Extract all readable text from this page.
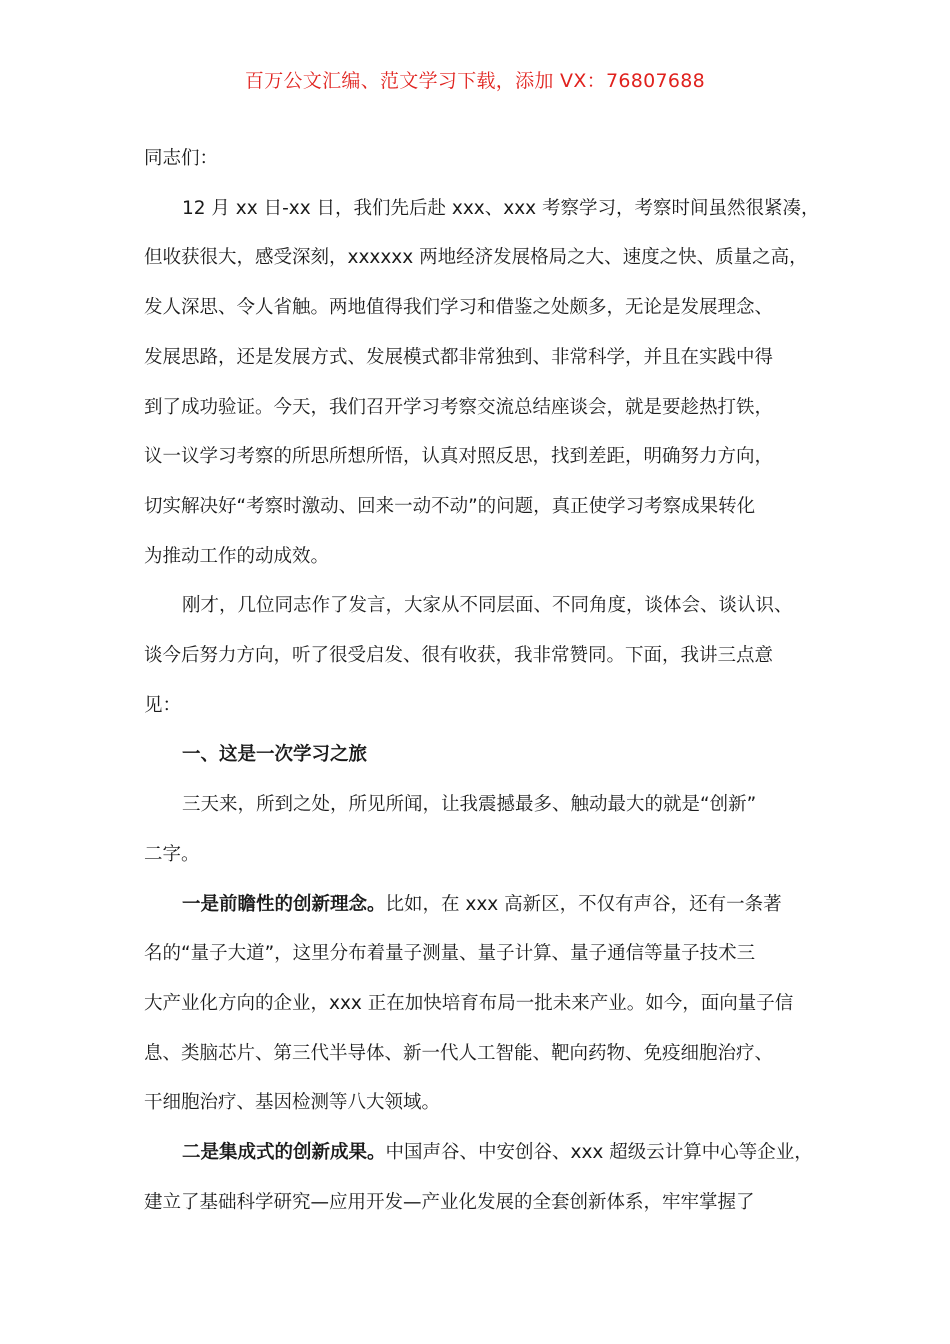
百万公文汇编、范文学习下载，添加 VX：76807688

同志们：

12 月 xx 日-xx 日，我们先后赴 xxx、xxx 考察学习，考察时间虽然很紧凑，
但收获很大，感受深刻，xxxxxx 两地经济发展格局之大、速度之快、质量之高，
发人深思、令人省触。两地值得我们学习和借鉴之处颇多，无论是发展理念、
发展思路，还是发展方式、发展模式都非常独到、非常科学，并且在实践中得
到了成功验证。今天，我们召开学习考察交流总结座谈会，就是要趁热打铁，
议一议学习考察的所思所想所悟，认真对照反思，找到差距，明确努力方向，
切实解决好“考察时激动、回来一动不动”的问题，真正使学习考察成果转化
为推动工作的动成效。

刚才，几位同志作了发言，大家从不同层面、不同角度，谈体会、谈认识、
谈今后努力方向，听了很受启发、很有收获，我非常赞同。下面，我讲三点意
见：

一、这是一次学习之旅

三天来，所到之处，所见所闻，让我震撼最多、触动最大的就是“创新”
二字。

一是前瞻性的创新理念。比如，在 xxx 高新区，不仅有声谷，还有一条著
名的“量子大道”，这里分布着量子测量、量子计算、量子通信等量子技术三
大产业化方向的企业，xxx 正在加快培育布局一批未来产业。如今，面向量子信
息、类脑芯片、第三代半导体、新一代人工智能、靶向药物、免疫细胞治疗、
干细胞治疗、基因检测等八大领域。

二是集成式的创新成果。中国声谷、中安创谷、xxx 超级云计算中心等企业，
建立了基础科学研究—应用开发—产业化发展的全套创新体系，牢牢掌握了
